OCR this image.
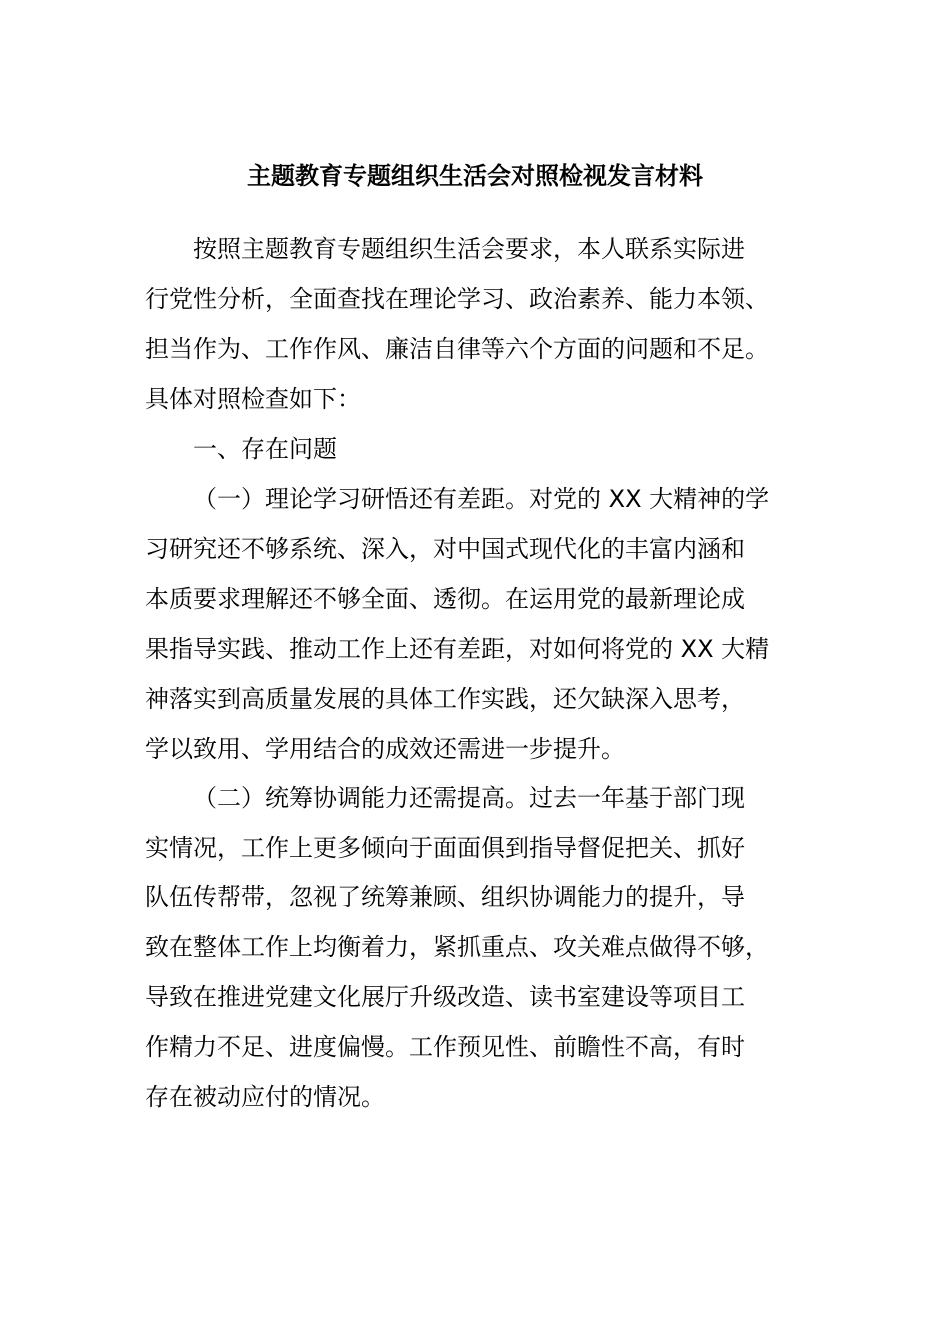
主题教育专题组织生活会对照检视发言材料

按照主题教育专题组织生活会要求，本人联系实际进

行党性分析，全面查找在理论学习、政治素养、能力本领、

担当作为、工作作风、廉洁自律等六个方面的问题和不足。

具体对照检查如下：

一、存在问题

（一）理论学习研悟还有差距。对党的 XX 大精神的学

习研究还不够系统、深入，对中国式现代化的丰富内涵和

本质要求理解还不够全面、透彻。在运用党的最新理论成

果指导实践、推动工作上还有差距，对如何将党的 XX 大精

神落实到高质量发展的具体工作实践，还欠缺深入思考，

学以致用、学用结合的成效还需进一步提升。

（二）统筹协调能力还需提高。过去一年基于部门现

实情况，工作上更多倾向于面面俱到指导督促把关、抓好

队伍传帮带，忽视了统筹兼顾、组织协调能力的提升，导

致在整体工作上均衡着力，紧抓重点、攻关难点做得不够，

导致在推进党建文化展厅升级改造、读书室建设等项目工

作精力不足、进度偏慢。工作预见性、前瞻性不高，有时

存在被动应付的情况。
